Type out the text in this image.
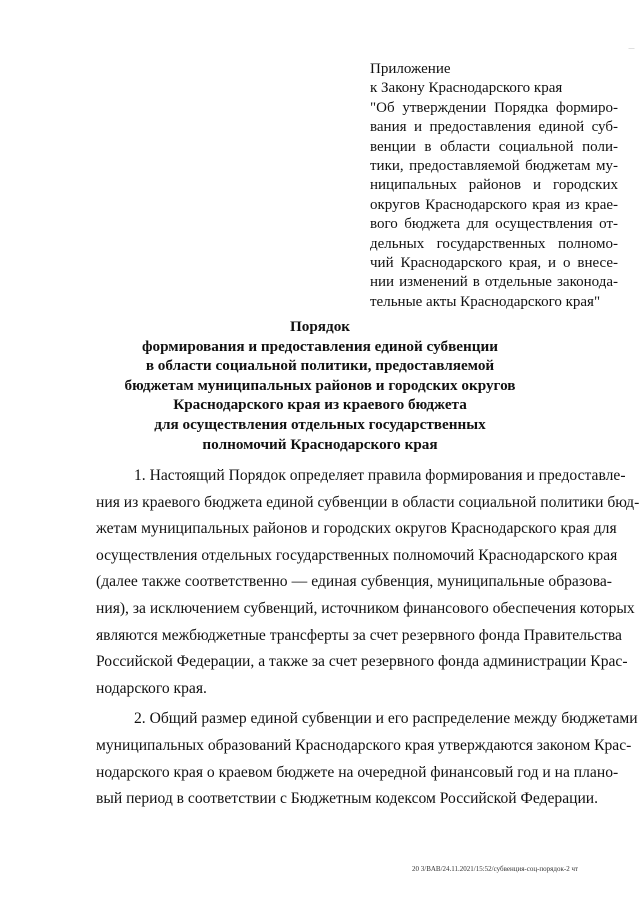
Приложение
к Закону Краснодарского края
"Об утверждении Порядка формиро-
вания и предоставления единой суб-
венции в области социальной поли-
тики, предоставляемой бюджетам му-
ниципальных районов и городских
округов Краснодарского края из крае-
вого бюджета для осуществления от-
дельных государственных полномо-
чий Краснодарского края, и о внесе-
нии изменений в отдельные законода-
тельные акты Краснодарского края"
Порядок
формирования и предоставления единой субвенции
в области социальной политики, предоставляемой
бюджетам муниципальных районов и городских округов
Краснодарского края из краевого бюджета
для осуществления отдельных государственных
полномочий Краснодарского края
1. Настоящий Порядок определяет правила формирования и предоставле-
ния из краевого бюджета единой субвенции в области социальной политики бюд-
жетам муниципальных районов и городских округов Краснодарского края для
осуществления отдельных государственных полномочий Краснодарского края
(далее также соответственно — единая субвенция, муниципальные образова-
ния), за исключением субвенций, источником финансового обеспечения которых
являются межбюджетные трансферты за счет резервного фонда Правительства
Российской Федерации, а также за счет резервного фонда администрации Крас-
нодарского края.
2. Общий размер единой субвенции и его распределение между бюджетами
муниципальных образований Краснодарского края утверждаются законом Крас-
нодарского края о краевом бюджете на очередной финансовый год и на плано-
вый период в соответствии с Бюджетным кодексом Российской Федерации.
20 3/BAB/24.11.2021/15:52/субвенция-соц-порядок-2 чт
|
